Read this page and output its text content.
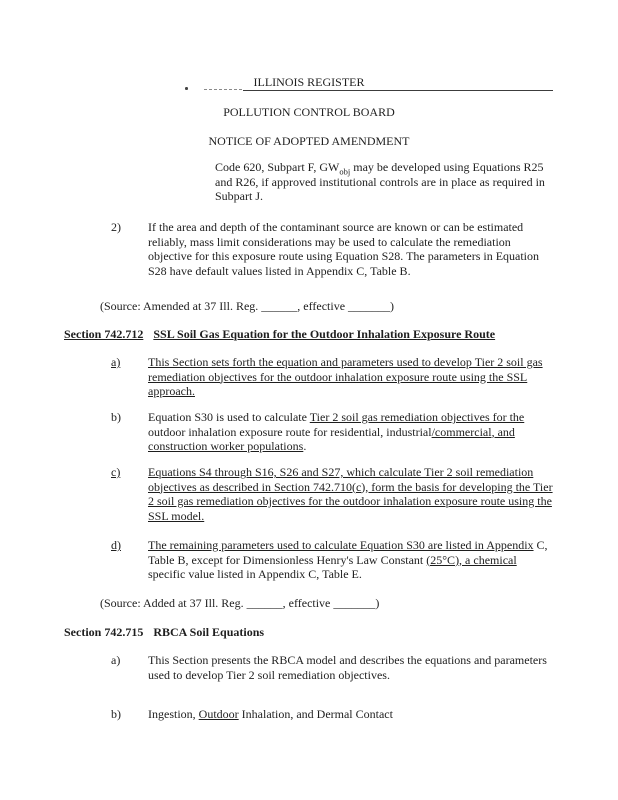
ILLINOIS REGISTER
POLLUTION CONTROL BOARD
NOTICE OF ADOPTED AMENDMENT
Code 620, Subpart F, $GW_{obj}$ may be developed using Equations R25 and R26, if approved institutional controls are in place as required in Subpart J.
2) If the area and depth of the contaminant source are known or can be estimated reliably, mass limit considerations may be used to calculate the remediation objective for this exposure route using Equation S28. The parameters in Equation S28 have default values listed in Appendix C, Table B.
(Source: Amended at 37 Ill. Reg. ______, effective _______)
Section 742.712 SSL Soil Gas Equation for the Outdoor Inhalation Exposure Route
a) This Section sets forth the equation and parameters used to develop Tier 2 soil gas remediation objectives for the outdoor inhalation exposure route using the SSL approach.
b) Equation S30 is used to calculate Tier 2 soil gas remediation objectives for the outdoor inhalation exposure route for residential, industrial/commercial, and construction worker populations.
c) Equations S4 through S16, S26 and S27, which calculate Tier 2 soil remediation objectives as described in Section 742.710(c), form the basis for developing the Tier 2 soil gas remediation objectives for the outdoor inhalation exposure route using the SSL model.
d) The remaining parameters used to calculate Equation S30 are listed in Appendix C, Table B, except for Dimensionless Henry's Law Constant (25°C), a chemical specific value listed in Appendix C, Table E.
(Source: Added at 37 Ill. Reg. ______, effective _______)
Section 742.715 RBCA Soil Equations
a) This Section presents the RBCA model and describes the equations and parameters used to develop Tier 2 soil remediation objectives.
b) Ingestion, Outdoor Inhalation, and Dermal Contact
